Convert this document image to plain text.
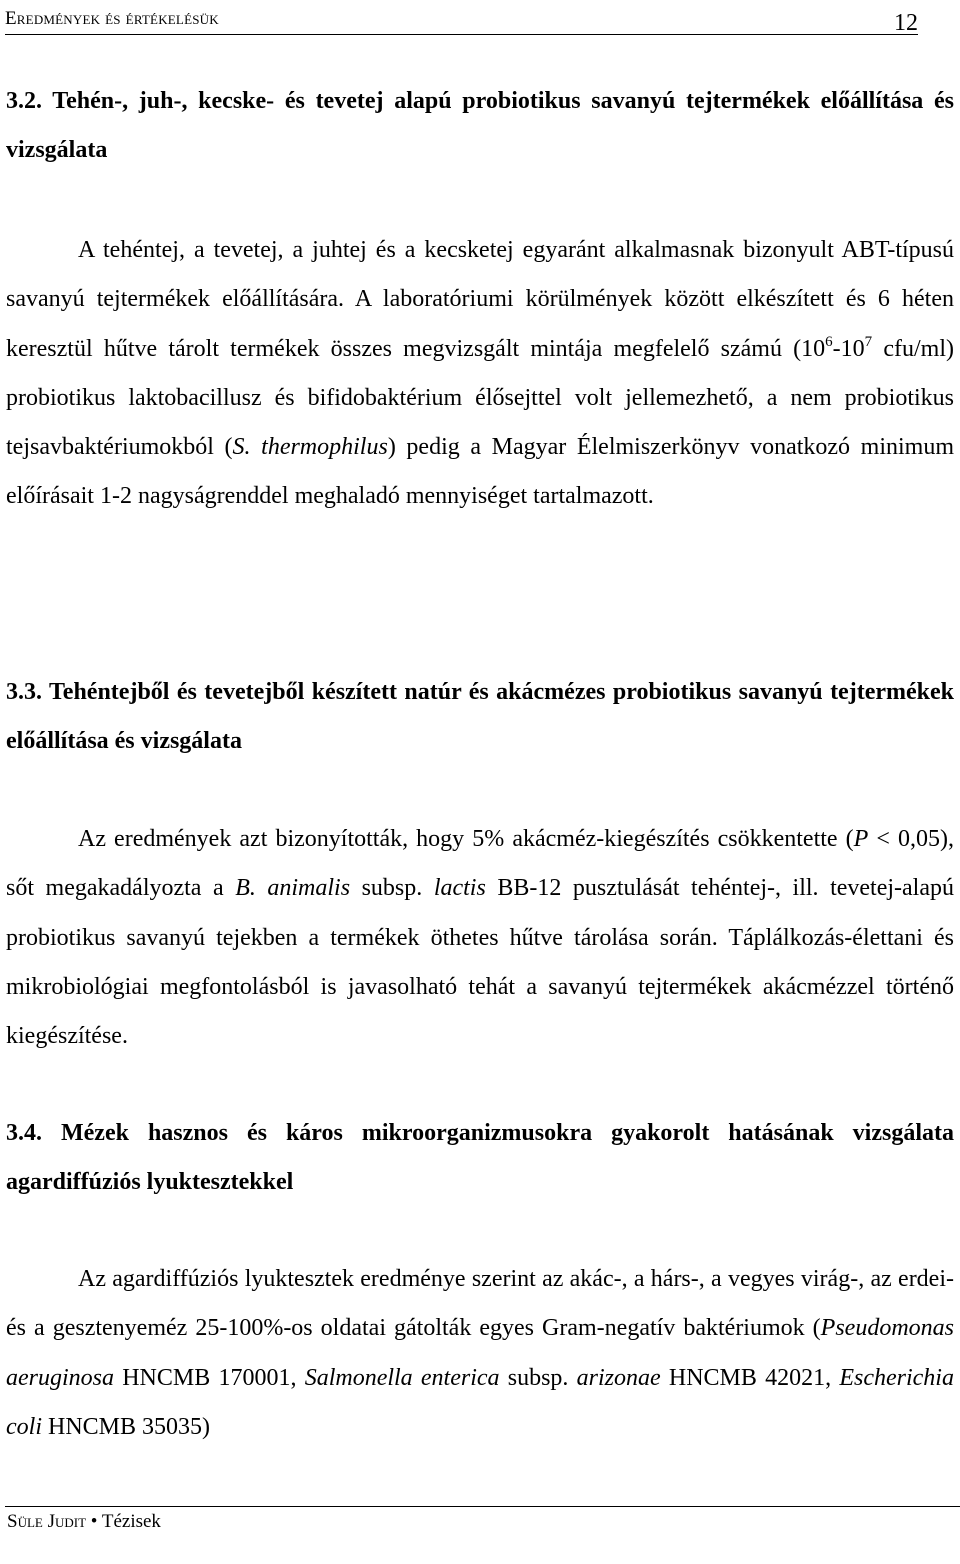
Eredmények és értékelésük	12
3.2. Tehén-, juh-, kecske- és tevetej alapú probiotikus savanyú tejtermékek előállítása és vizsgálata
A tehéntej, a tevetej, a juhtej és a kecsketej egyaránt alkalmasnak bizonyult ABT-típusú savanyú tejtermékek előállítására. A laboratóriumi körülmények között elkészített és 6 héten keresztül hűtve tárolt termékek összes megvizsgált mintája megfelelő számú ($10^6-10^7$ cfu/ml) probiotikus laktobacillusz és bifidobaktérium élősejttel volt jellemezhető, a nem probiotikus tejsavbaktériumokból (S. thermophilus) pedig a Magyar Élelmiszerkönyv vonatkozó minimum előírásait 1-2 nagyságrenddel meghaladó mennyiséget tartalmazott.
3.3. Tehéntejből és tevetejből készített natúr és akácmézes probiotikus savanyú tejtermékek előállítása és vizsgálata
Az eredmények azt bizonyították, hogy 5% akácméz-kiegészítés csökkentette (P < 0,05), sőt megakadályozta a B. animalis subsp. lactis BB-12 pusztulását tehéntej-, ill. tevetej-alapú probiotikus savanyú tejekben a termékek öthetes hűtve tárolása során. Táplálkozás-élettani és mikrobiológiai megfontolásból is javasolható tehát a savanyú tejtermékek akácmézzel történő kiegészítése.
3.4. Mézek hasznos és káros mikroorganizmusokra gyakorolt hatásának vizsgálata agardiffúziós lyuktesztekkel
Az agardiffúziós lyuktesztek eredménye szerint az akác-, a hárs-, a vegyes virág-, az erdei- és a gesztenyeméz 25-100%-os oldatai gátolták egyes Gram-negatív baktériumok (Pseudomonas aeruginosa HNCMB 170001, Salmonella enterica subsp. arizonae HNCMB 42021, Escherichia coli HNCMB 35035)
Süle Judit • Tézisek
